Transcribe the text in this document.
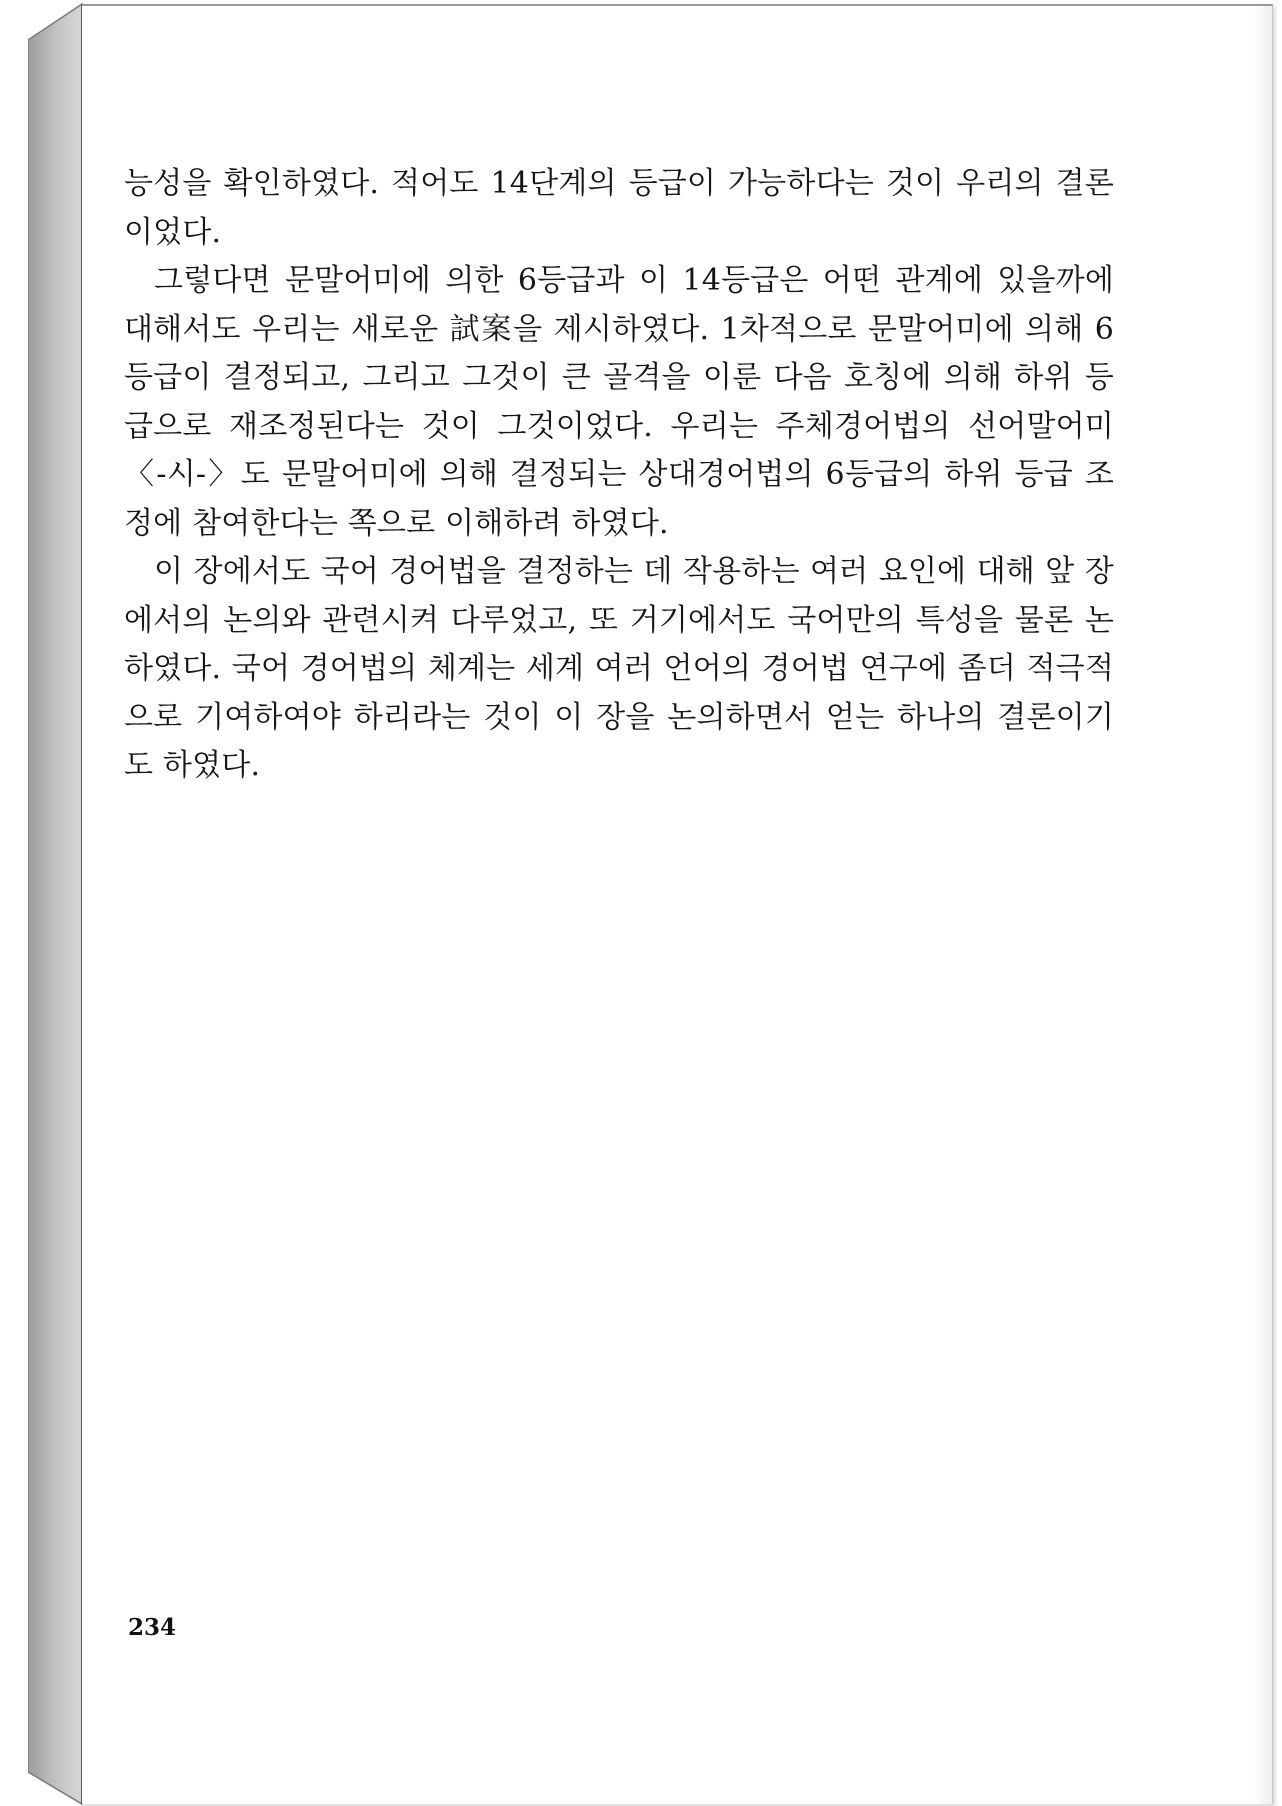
능성을 확인하였다. 적어도 14단계의 등급이 가능하다는 것이 우리의 결론이었다.

그렇다면 문말어미에 의한 6등급과 이 14등급은 어떤 관계에 있을까에 대해서도 우리는 새로운 試案을 제시하였다. 1차적으로 문말어미에 의해 6등급이 결정되고, 그리고 그것이 큰 골격을 이룬 다음 호칭에 의해 하위 등급으로 재조정된다는 것이 그것이었다. 우리는 주체경어법의 선어말어미 〈-시-〉도 문말어미에 의해 결정되는 상대경어법의 6등급의 하위 등급 조정에 참여한다는 쪽으로 이해하려 하였다.

이 장에서도 국어 경어법을 결정하는 데 작용하는 여러 요인에 대해 앞 장에서의 논의와 관련시켜 다루었고, 또 거기에서도 국어만의 특성을 물론 논하였다. 국어 경어법의 체계는 세계 여러 언어의 경어법 연구에 좀더 적극적으로 기여하여야 하리라는 것이 이 장을 논의하면서 얻는 하나의 결론이기도 하였다.

234
